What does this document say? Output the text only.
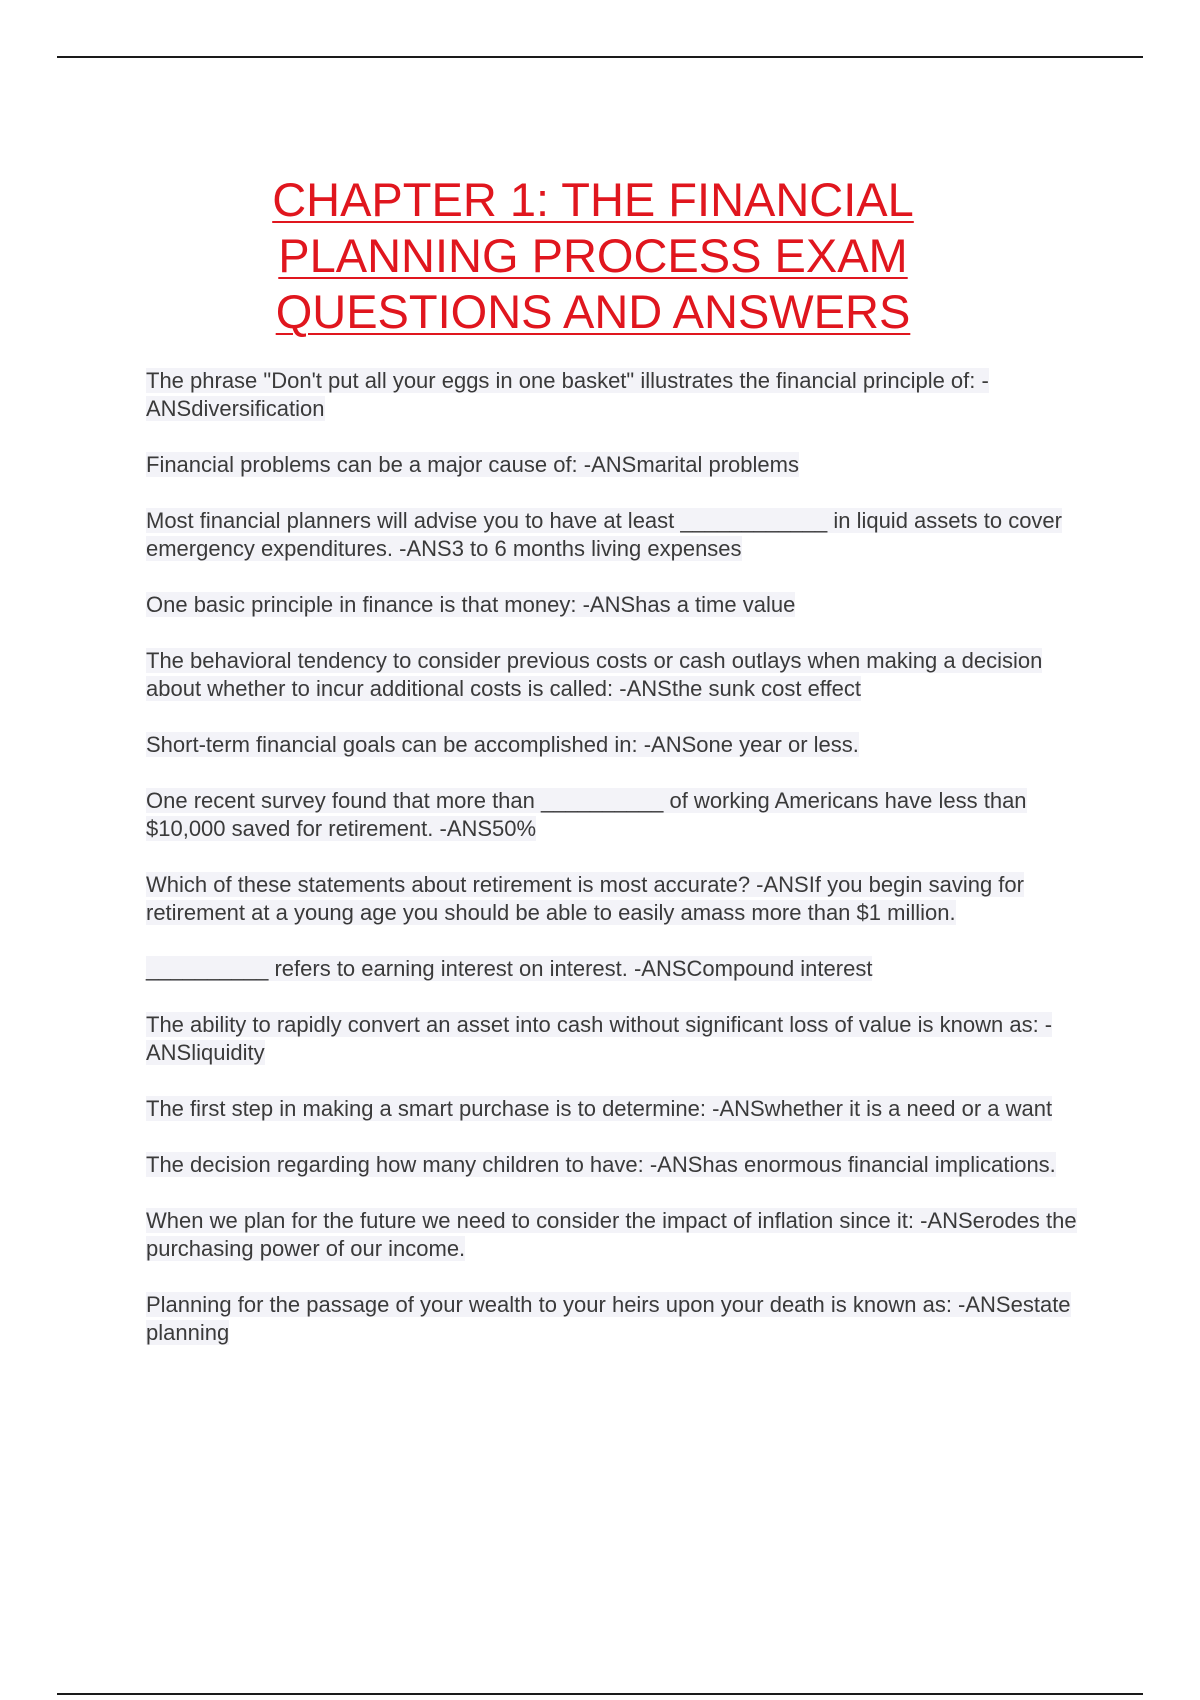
CHAPTER 1: THE FINANCIAL
PLANNING PROCESS EXAM
QUESTIONS AND ANSWERS
The phrase "Don't put all your eggs in one basket" illustrates the financial principle of: -ANSdiversification
Financial problems can be a major cause of: -ANSmarital problems
Most financial planners will advise you to have at least ____________ in liquid assets to cover emergency expenditures. -ANS3 to 6 months living expenses
One basic principle in finance is that money: -ANShas a time value
The behavioral tendency to consider previous costs or cash outlays when making a decision about whether to incur additional costs is called: -ANSthe sunk cost effect
Short-term financial goals can be accomplished in: -ANSone year or less.
One recent survey found that more than __________ of working Americans have less than $10,000 saved for retirement. -ANS50%
Which of these statements about retirement is most accurate? -ANSIf you begin saving for retirement at a young age you should be able to easily amass more than $1 million.
__________ refers to earning interest on interest. -ANSCompound interest
The ability to rapidly convert an asset into cash without significant loss of value is known as: -ANSliquidity
The first step in making a smart purchase is to determine: -ANSwhether it is a need or a want
The decision regarding how many children to have: -ANShas enormous financial implications.
When we plan for the future we need to consider the impact of inflation since it: -ANSerodes the purchasing power of our income.
Planning for the passage of your wealth to your heirs upon your death is known as: -ANSestate planning
